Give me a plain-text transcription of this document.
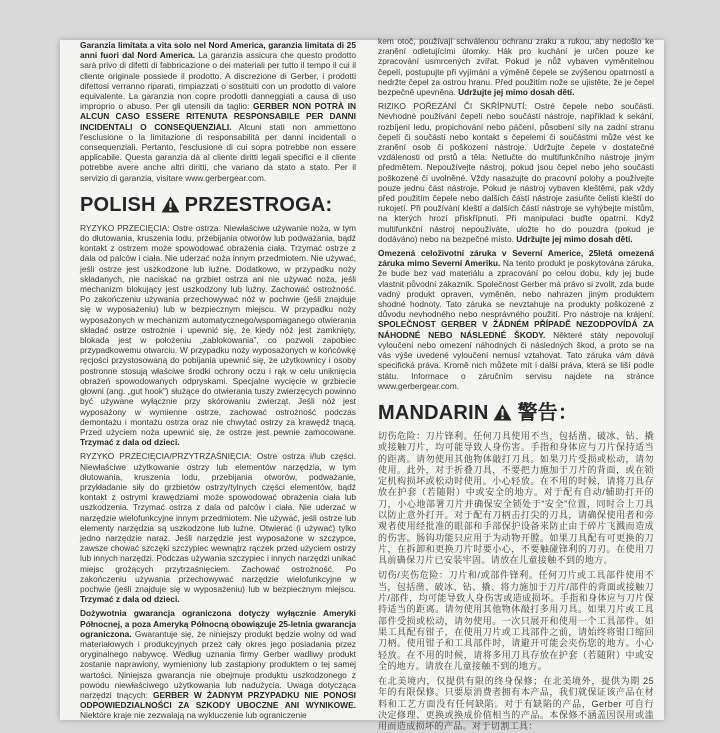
Garanzia limitata a vita solo nel Nord America, garanzia limitata di 25 anni fuori dal Nord America. La garanzia assicura che questo prodotto sarà privo di difetti di fabbricazione o dei materiali per tutto il tempo il cui il cliente originale possiede il prodotto. A discrezione di Gerber, i prodotti difettosi verranno riparati, rimpiazzati o sostituiti con un prodotto di valore equivalente. La garanzia non copre prodotti danneggiati a causa di uso improprio o abuso. Per gli utensili da taglio: GERBER NON POTRÀ IN ALCUN CASO ESSERE RITENUTA RESPONSABILE PER DANNI INCIDENTALI O CONSEQUENZIALI. Alcuni stati non ammettono l'esclusione o la limitazione di responsabilità per danni incidentali o consequenziali. Pertanto, l'esclusione di cui sopra potrebbe non essere applicabile. Questa garanzia dà al cliente diritti legali specifici e il cliente potrebbe avere anche altri diritti, che variano da stato a stato. Per il servizio di garanzia, visitare www.gerbergear.com.

POLISH PRZESTROGA:

RYZYKO PRZECIĘCIA: Ostre ostrza. Niewłaściwe używanie noża, w tym do dłutowania, kruszenia lodu, przebijania otworów lub podważania, bądź kontakt z ostrzem może spowodować obrażenia ciała. Trzymać ostrze z dala od palców i ciała. Nie uderzać noża innym przedmiotem. Nie używać, jeśli ostrze jest uszkodzone lub luźne. Dodatkowo, w przypadku noży składanych, nie naciskać na grzbiet ostrza ani nie używać noża, jeśli mechanizm blokujący jest uszkodzony lub luźny. Zachować ostrożność. Po zakończeniu używania przechowywać nóż w pochwie (jeśli znajduje się w wyposażeniu) lub w bezpiecznym miejscu. W przypadku noży wyposażonych w mechanizm automatycznego/wspomaganego otwierania składać ostrze ostrożnie i upewnić się, że kiedy nóż jest zamknięty, blokada jest w położeniu „zablokowania”, co pozwoli zapobiec przypadkowemu otwarciu. W przypadku noży wyposażonych w końcówkę ręcjości przystosowaną do pobijania upewnić się, że użytkownicy i osoby postronne stosują właściwe środki ochrony oczu i rąk w celu uniknięcia obrażeń spowodowanych odpryskami. Specjalne wycięcie w grzbiecie głowni (ang. „gut hook”) służące do otwierania tuszy zwierzęcych powinno być używane wyłącznie przy skórowaniu zwierząt. Jeśli nóż jest wyposażony w wymienne ostrze, zachować ostrożność podczas demontażu i montażu ostrza oraz nie chwytać ostrzy za krawędź tnącą. Przed użyciem noża upewnić się, że ostrze jest pewnie zamocowane. Trzymać z dala od dzieci.

RYZYKO PRZECIĘCIA/PRZYTRZAŚNIĘCIA: Ostre ostrza i/lub części. Niewłaściwe użytkowanie ostrzy lub elementów narzędzia, w tym dłutowania, kruszenia lodu, przebijania otworów, podważanie, przykładanie siły do grzbietów ostrzy/tylnych części elementów, bądź kontakt z ostrymi krawędziami może spowodować obrażenia ciała lub uszkodzenia. Trzymać ostrza z dala od palców i ciała. Nie uderzać w narzędzie wielofunkcyjne innym przedmiotem. Nie używać, jeśli ostrze lub elementy narzędzia są uszkodzone lub luźne. Otwierać (i używać) tylko jedno narzędzie naraz. Jeśli narzędzie jest wyposażone w szczypce, zawsze chować szczęki szczypiec wewnątrz rączek przed użyciem ostrzy lub innych narzędzi. Podczas używania szczypiec i innych narzędzi unikać miejsc grożących przytrzaśnięciem. Zachować ostrożność. Po zakończeniu używania przechowywać narzędzie wielofunkcyjne w pochwie (jeśli znajduje się w wyposażeniu) lub w bezpiecznym miejscu. Trzymać z dala od dzieci.

Dożywotnia gwarancja ograniczona dotyczy wyłącznie Ameryki Północnej, a poza Ameryką Północną obowiązuje 25-letnia gwarancja ograniczona. Gwarantuje się, że niniejszy produkt będzie wolny od wad materiałowych i produkcyjnych przez cały okres jego posiadania przez oryginalnego nabywcę. Według uznania firmy Gerber wadliwy produkt zostanie naprawiony, wymieniony lub zastąpiony produktem o tej samej wartości. Niniejsza gwarancja nie obejmuje produktu uszkodzonego z powodu niewłaściwego użytkowania lub nadużycia. Uwaga dotycząca narzędzi tnących: GERBER W ŻADNYM PRZYPADKU NIE PONOSI ODPOWIEDZIALNOŚCI ZA SZKODY UBOCZNE ANI WYNIKOWE. Niektóre kraje nie zezwalają na wykluczenie lub ograniczenie

kem otoč, používají schválenou ochranu zraku a rukou, aby nedošlo ke zranění odletujícími úlomky. Hák pro kuchání je určen pouze ke zpracování usmrcených zvířat. Pokud je nůž vybaven vyměnitelnou čepelí, postupujte při vyjímání a výměně čepele se zvýšenou opatrností a nedržte čepel za ostrou hranu. Před použitím nože se ujistěte, že je čepel bezpečně upevněna. Udržujte jej mimo dosah dětí.

RIZIKO POŘEZÁNÍ ČI SKŘÍPNUTÍ: Ostré čepele nebo součásti. Nevhodné používání čepelí nebo součástí nástroje, například k sekání, rozbíjení ledu, propichování nebo páčení, působení síly na zadní stranu čepelí či součástí nebo kontakt s čepelemi či součástmi může vést ke zranění osob či poškození nástroje. Udržujte čepele v dostatečné vzdálenosti od prstů a těla. Netlučte do multifunkčního nástroje jiným předmětem. Nepoužívejte nástroj, pokud jsou čepel nebo jeho součásti poškozené či uvolněné. Vždy nasazujte do pracovní polohy a používejte pouze jednu část nástroje. Pokud je nástroj vybaven kleštěmi, pak vždy před použitím čepele nebo dalších částí nástroje zasuňte čelisti kleští do rukojetí. Při používání kleští a dalších částí nástroje se vyhýbejte místům, na kterých hrozí přiskřípnutí. Při manipulaci buďte opatrní. Když multifunkční nástroj nepoužíváte, uložte ho do pouzdra (pokud je dodáváno) nebo na bezpečné místo. Udržujte jej mimo dosah dětí.

Omezená celoživotní záruka v Severní Americe, 25letá omezená záruka mimo Severní Ameriku. Na tento produkt je poskytována záruka, že bude bez vad materiálu a zpracování po celou dobu, kdy jej bude vlastnit původní zákazník. Společnost Gerber má právo si zvolit, zda bude vadný produkt opraven, vyměněn, nebo nahrazen jiným produktem shodné hodnoty. Tato záruka se nevztahuje na produkty poškozené z důvodu nevhodného nebo nesprávného použití. Pro nástroje na krájení: SPOLEČNOST GERBER V ŽÁDNÉM PŘÍPADĚ NEZODPOVÍDÁ ZA NÁHODNÉ NEBO NÁSLEDNÉ ŠKODY. Některé státy nepovolují vyloučení nebo omezení náhodných či následných škod, a proto se na vás výše uvedené vyloučení nemusí vztahovat. Tato záruka vám dává specifická práva. Kromě nich můžete mít i další práva, která se liší podle státu. Informace o záručním servisu najdete na stránce www.gerbergear.com.

MANDARIN 警告：

切伤危险：刀片锋利。任何刀具使用不当，包括凿、破冰、钻、撬或接触刀片，均可能导致人身伤害。手指和身体应与刀片保持适当的距离。请勿使用其他物体敲打刀具。如果刀片受损或松动，请勿使用。此外，对于折叠刀具，不要把力施加于刀片的背面，或在锁定机构损坏或松动时使用。小心轻放。在不用的时候，请将刀具存放在护套（若随附）中或安全的地方。对于配有自动/辅助打开的刀，小心地部署刀片并确保安全锁处于“安全”位置，同时合上刀具以防止意外打开。对于配有刀柄击打尖的刀具，请确保使用者和旁观者使用经批准的眼部和手部保护设备来防止由于碎片飞溅而造成的伤害。肠钩功能只应用于为动物开膛。如果刀具配有可更换的刀片，在拆卸和更换刀片时要小心，不要触碰锋利的刀刃。在使用刀具前确保刀片已安装牢固。请放在儿童接触不到的地方。

切伤/夹伤危险：刀片和/或部件锋利。任何刀片或工具部件使用不当，包括凿、破冰、钻、撬、将力施加于刀片/部件的背面或接触刀片/部件，均可能导致人身伤害或造成损坏。手指和身体应与刀片保持适当的距离。请勿使用其他物体敲打多用刀具。如果刀片或工具部件受损或松动，请勿使用。一次只展开和使用一个工具部件。如果工具配有钳子，在使用刀片或工具部件之前，请始终将钳口缩回刀柄。使用钳子和工具部件时，请避开可能会夹伤您的地方。小心轻放。在不用的时候，请将多用刀具存放在护套（若随附）中或安全的地方。请放在儿童接触不到的地方。

在北美境内，仅提供有限的终身保修；在北美境外，提供为期 25 年的有限保修。只要原消费者拥有本产品，我们就保证该产品在材料和工艺方面没有任何缺陷。对于有缺陷的产品，Gerber 可自行决定修理、更换或换成价值相当的产品。本保修不涵盖因误用或滥用而造成损坏的产品。对于切割工具：
